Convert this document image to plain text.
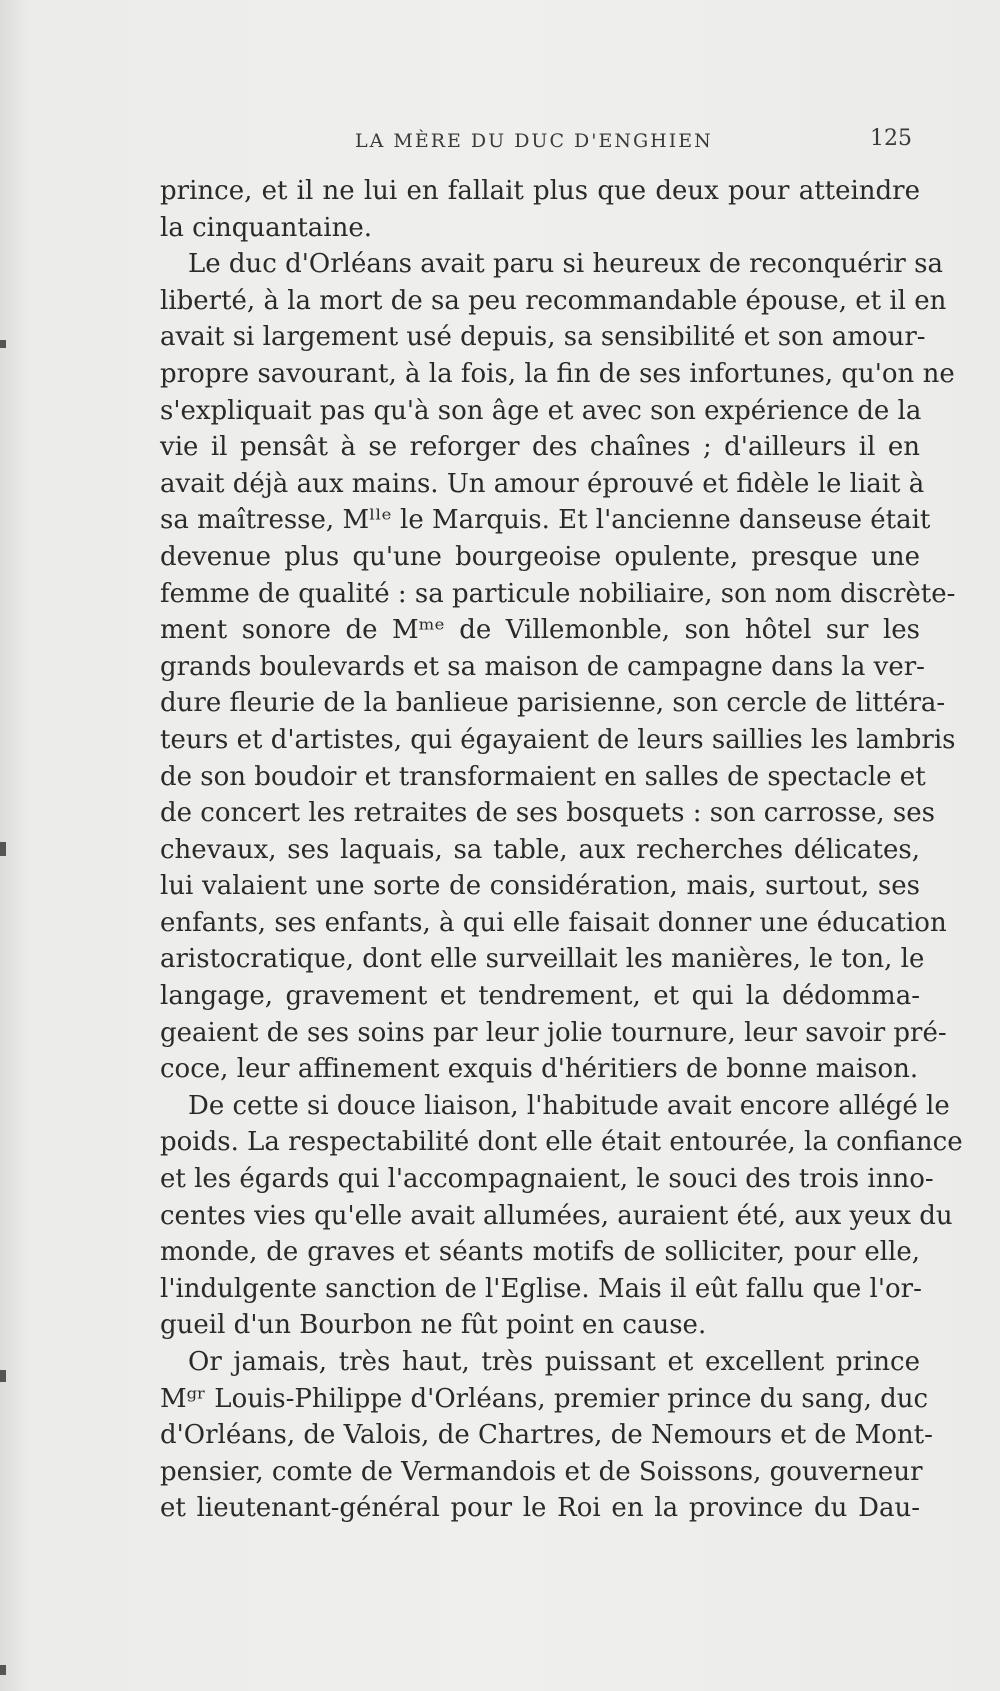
LA MÈRE DU DUC D'ENGHIEN	125
prince, et il ne lui en fallait plus que deux pour atteindre
la cinquantaine.
Le duc d'Orléans avait paru si heureux de reconquérir sa
liberté, à la mort de sa peu recommandable épouse, et il en
avait si largement usé depuis, sa sensibilité et son amour-
propre savourant, à la fois, la fin de ses infortunes, qu'on ne
s'expliquait pas qu'à son âge et avec son expérience de la
vie il pensât à se reforger des chaînes ; d'ailleurs il en
avait déjà aux mains. Un amour éprouvé et fidèle le liait à
sa maîtresse, Mˡˡᵉ le Marquis. Et l'ancienne danseuse était
devenue plus qu'une bourgeoise opulente, presque une
femme de qualité : sa particule nobiliaire, son nom discrète-
ment sonore de Mᵐᵉ de Villemonble, son hôtel sur les
grands boulevards et sa maison de campagne dans la ver-
dure fleurie de la banlieue parisienne, son cercle de littéra-
teurs et d'artistes, qui égayaient de leurs saillies les lambris
de son boudoir et transformaient en salles de spectacle et
de concert les retraites de ses bosquets : son carrosse, ses
chevaux, ses laquais, sa table, aux recherches délicates,
lui valaient une sorte de considération, mais, surtout, ses
enfants, ses enfants, à qui elle faisait donner une éducation
aristocratique, dont elle surveillait les manières, le ton, le
langage, gravement et tendrement, et qui la dédomma-
geaient de ses soins par leur jolie tournure, leur savoir pré-
coce, leur affinement exquis d'héritiers de bonne maison.
De cette si douce liaison, l'habitude avait encore allégé le
poids. La respectabilité dont elle était entourée, la confiance
et les égards qui l'accompagnaient, le souci des trois inno-
centes vies qu'elle avait allumées, auraient été, aux yeux du
monde, de graves et séants motifs de solliciter, pour elle,
l'indulgente sanction de l'Eglise. Mais il eût fallu que l'or-
gueil d'un Bourbon ne fût point en cause.
Or jamais, très haut, très puissant et excellent prince
Mᵍʳ Louis-Philippe d'Orléans, premier prince du sang, duc
d'Orléans, de Valois, de Chartres, de Nemours et de Mont-
pensier, comte de Vermandois et de Soissons, gouverneur
et lieutenant-général pour le Roi en la province du Dau-
